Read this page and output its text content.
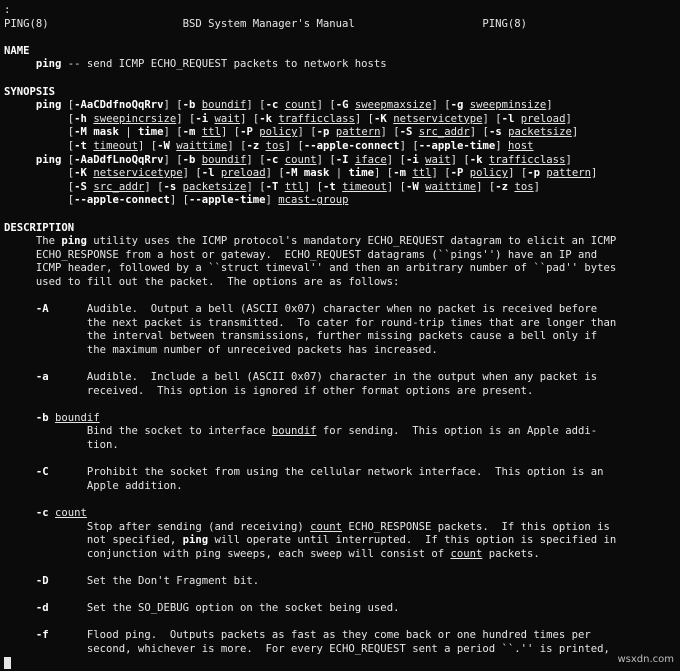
:
PING(8)	BSD System Manager's Manual	PING(8)
NAME
ping -- send ICMP ECHO_REQUEST packets to network hosts
SYNOPSIS
ping [-AaCDdfnoQqRrv] [-b boundif] [-c count] [-G sweepmaxsize] [-g sweepminsize]
[-h sweepincrsize] [-i wait] [-k trafficclass] [-K netservicetype] [-l preload]
[-M mask | time] [-m ttl] [-P policy] [-p pattern] [-S src_addr] [-s packetsize]
[-t timeout] [-W waittime] [-z tos] [--apple-connect] [--apple-time] host
ping [-AaDdfLnoQqRrv] [-b boundif] [-c count] [-I iface] [-i wait] [-k trafficclass]
[-K netservicetype] [-l preload] [-M mask | time] [-m ttl] [-P policy] [-p pattern]
[-S src_addr] [-s packetsize] [-T ttl] [-t timeout] [-W waittime] [-z tos]
[--apple-connect] [--apple-time] mcast-group
DESCRIPTION
The ping utility uses the ICMP protocol's mandatory ECHO_REQUEST datagram to elicit an ICMP
ECHO_RESPONSE from a host or gateway.  ECHO_REQUEST datagrams (``pings'') have an IP and
ICMP header, followed by a ``struct timeval'' and then an arbitrary number of ``pad'' bytes
used to fill out the packet.  The options are as follows:
-A      Audible.  Output a bell (ASCII 0x07) character when no packet is received before
the next packet is transmitted.  To cater for round-trip times that are longer than
the interval between transmissions, further missing packets cause a bell only if
the maximum number of unreceived packets has increased.
-a      Audible.  Include a bell (ASCII 0x07) character in the output when any packet is
received.  This option is ignored if other format options are present.
-b boundif
Bind the socket to interface boundif for sending.  This option is an Apple addi-
tion.
-C      Prohibit the socket from using the cellular network interface.  This option is an
Apple addition.
-c count
Stop after sending (and receiving) count ECHO_RESPONSE packets.  If this option is
not specified, ping will operate until interrupted.  If this option is specified in
conjunction with ping sweeps, each sweep will consist of count packets.
-D      Set the Don't Fragment bit.
-d      Set the SO_DEBUG option on the socket being used.
-f      Flood ping.  Outputs packets as fast as they come back or one hundred times per
second, whichever is more.  For every ECHO_REQUEST sent a period ``.'' is printed,
wsxdn.com
